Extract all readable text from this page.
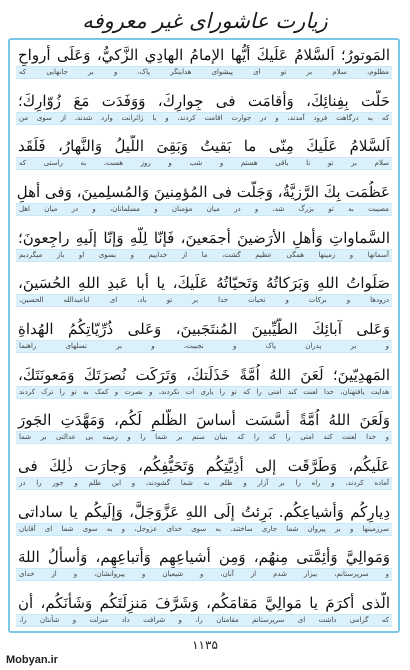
زیارت عاشورای غیر معروفه
المَوتورُ؛ اَلسَّلامُ عَلَيكَ أيُّها الإمامُ الهادِي الزَّكيُّ، وَعَلَى أرواحٍ
مظلوم، سلام بر تو ای پیشوای هدایتگر پاک، و بر جانهایی که
حَلَّت بِفِنائِكَ، وَأقامَت فى جِوارِكَ، وَوَفَدَت مَعَ زُوّارِكَ؛
که به درگاهت فرود آمدند، و در جوارت اقامت کردند، و با زائرانت وارد شدند، از سوی من
اَلسَّلامُ عَلَيكَ مِنّى ما بَقيتُ وَبَقِىَ اللَّيلُ وَالنَّهارُ، فَلَقَد
سلام بر تو تا باقی هستم و شب و روز هست، به راستی که
عَظُمَت بِكَ الرَّزيَّةُ، وَجَلَّت فى المُؤمِنينَ وَالمُسلِمينَ، وَفى أهلِ
مصیبت به تو بزرگ شد، و در میان مؤمنان و مسلمانان، و در میان اهل
السَّماواتِ وَأهلِ الأرَضينَ أجمَعينَ، فَإنّا لِلّهِ وَإنّا إلَيهِ راجِعونَ؛
آسمانها و زمینها همگی عظیم گشت، ما از خداییم و بسوی او باز میگردیم
صَلَواتُ اللهِ وَبَرَكاتُهُ وَتَحيّاتُهُ عَلَيكَ، يا أبا عَبدِ اللهِ الحُسَينَ،
درودها و برکات و تحیات خدا بر تو باد، ای اباعبدالله الحسین،
وَعَلى آبائِكَ الطَّيِّبينَ المُنتَجَبينَ، وَعَلى ذُرِّيّاتِكُمُ الهُداةِ
و بر پدران پاک و نجیبت، و بر نسلهای راهنما
المَهدِيّينَ؛ لَعَنَ اللهُ اُمَّةً خَذَلَتكَ، وَتَرَكَت نُصرَتَكَ وَمَعونَتَكَ،
هدایت یافتهتان، خدا لعنت کند امتی را که تو را یاری ات نکردند، و نصرت و کمک به تو را ترک کردند
وَلَعَنَ اللهُ اُمَّةً أسَّسَت أساسَ الظُّلمِ لَكُم، وَمَهَّدَتِ الجَورَ
و خدا لعنت کند امتی را که را که بنیان ستم بر شما را و زمینه بی عدالتی بر شما
عَلَيكُم، وَطَرَّقَت إلى أذِيَّتِكُم وَتَحَيُّفِكُم، وَجارَت ذٰلِكَ فى
آماده کردند، و راه را بر آزار و ظلم به شما گشودند، و این ظلم و جور را در
دِيارِكُم وَأشياعِكُم. بَرِئتُ إلَى اللهِ عَزَّوَجَلَّ، وَإلَيكُم يا ساداتى
سرزمینها و بر پیروان شما جاری ساختند. به سوی خدای عزوجل، و به سوی شما ای آقایان
وَمَوالِيَّ وَأئِمَّتى مِنهُم، وَمِن أشياعِهِم وَأتباعِهِم، وَأسألُ اللهَ
و سرپرستانم، بیزار شدم از آنان، و شیعیان و پیروانشان، و از خدای
الَّذى أكرَمَ يا مَوالِيَّ مَقامَكُم، وَشَرَّفَ مَنزِلَتَكُم وَشَأنَكُم، أن
که گرامی داشت ای سرپرستانم مقامتان را، و شرافت داد منزلت و شأنتان را،
۱۱۳۵
Mobyan.ir
